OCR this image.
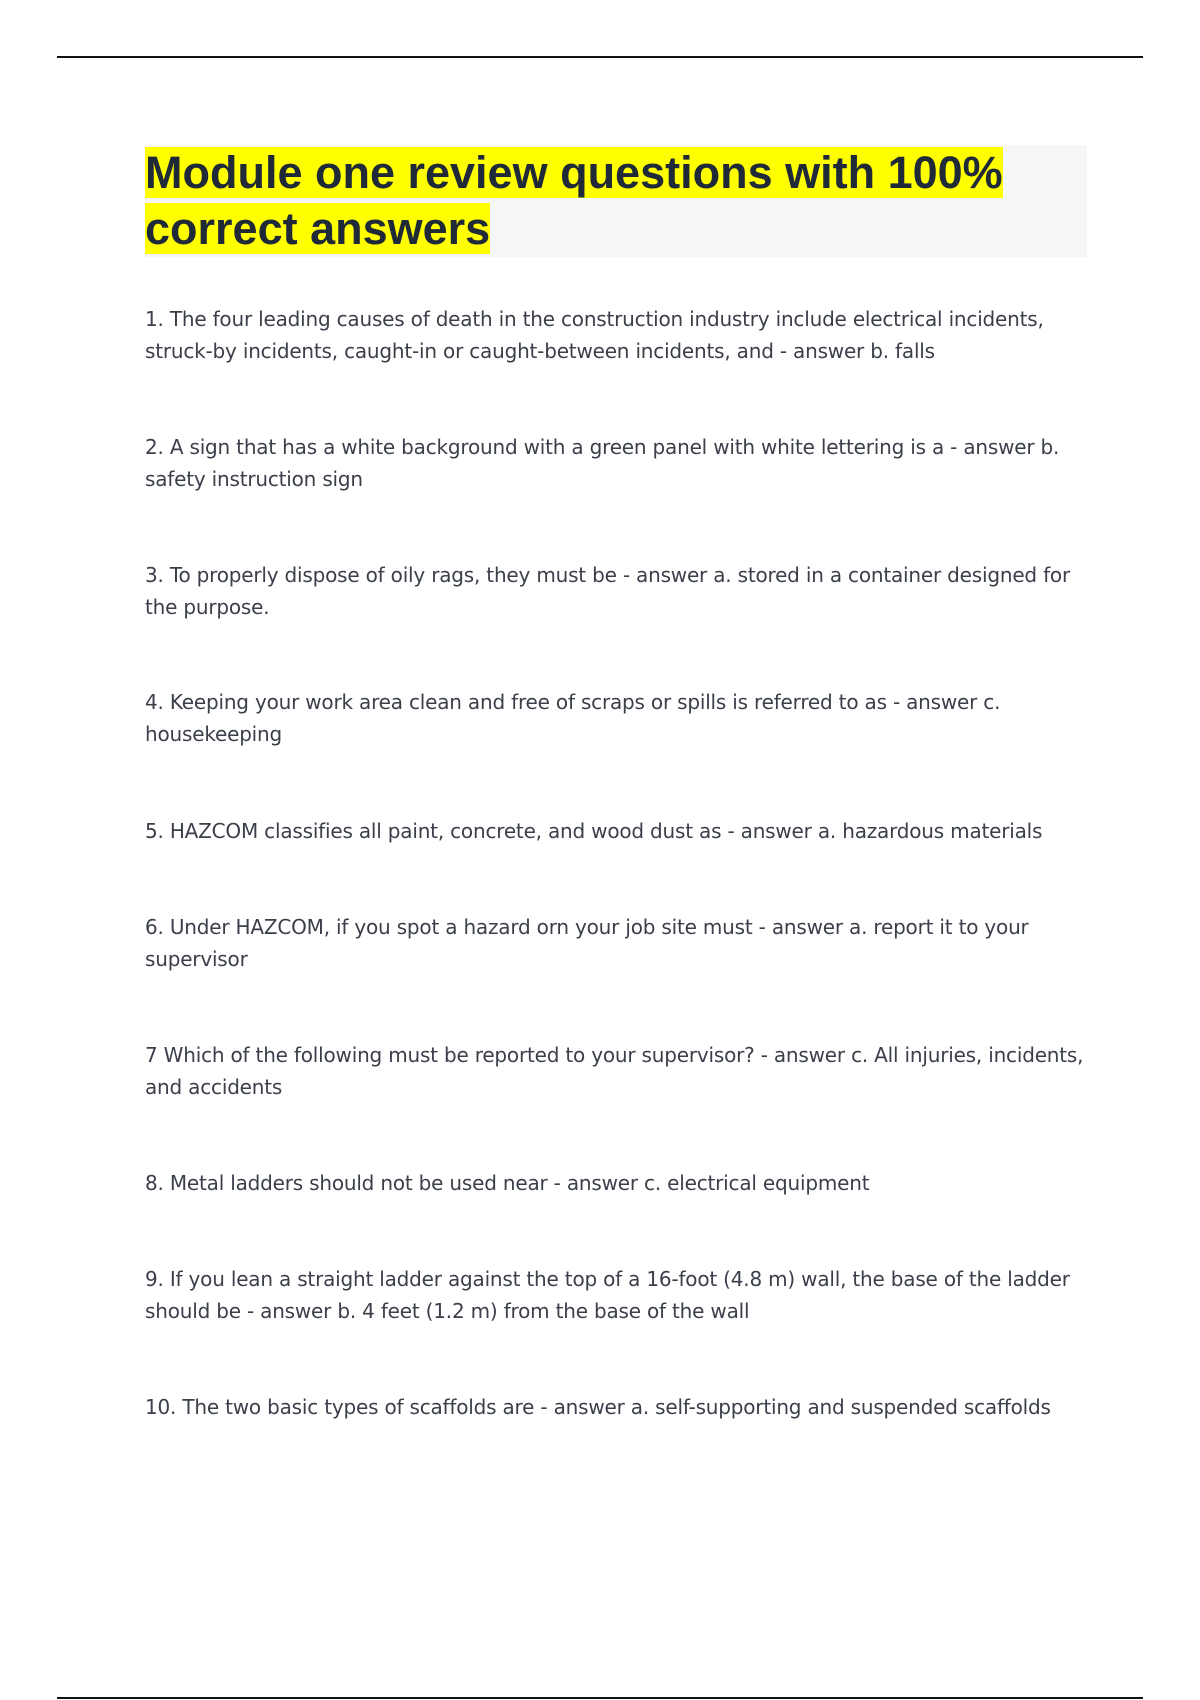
Module one review questions with 100% correct answers

1. The four leading causes of death in the construction industry include electrical incidents, struck-by incidents, caught-in or caught-between incidents, and - answer b. falls

2. A sign that has a white background with a green panel with white lettering is a - answer b. safety instruction sign

3. To properly dispose of oily rags, they must be - answer a. stored in a container designed for the purpose.

4. Keeping your work area clean and free of scraps or spills is referred to as - answer c. housekeeping

5. HAZCOM classifies all paint, concrete, and wood dust as - answer a. hazardous materials

6. Under HAZCOM, if you spot a hazard orn your job site must - answer a. report it to your supervisor

7 Which of the following must be reported to your supervisor? - answer c. All injuries, incidents, and accidents

8. Metal ladders should not be used near - answer c. electrical equipment

9. If you lean a straight ladder against the top of a 16-foot (4.8 m) wall, the base of the ladder should be - answer b. 4 feet (1.2 m) from the base of the wall

10. The two basic types of scaffolds are - answer a. self-supporting and suspended scaffolds
